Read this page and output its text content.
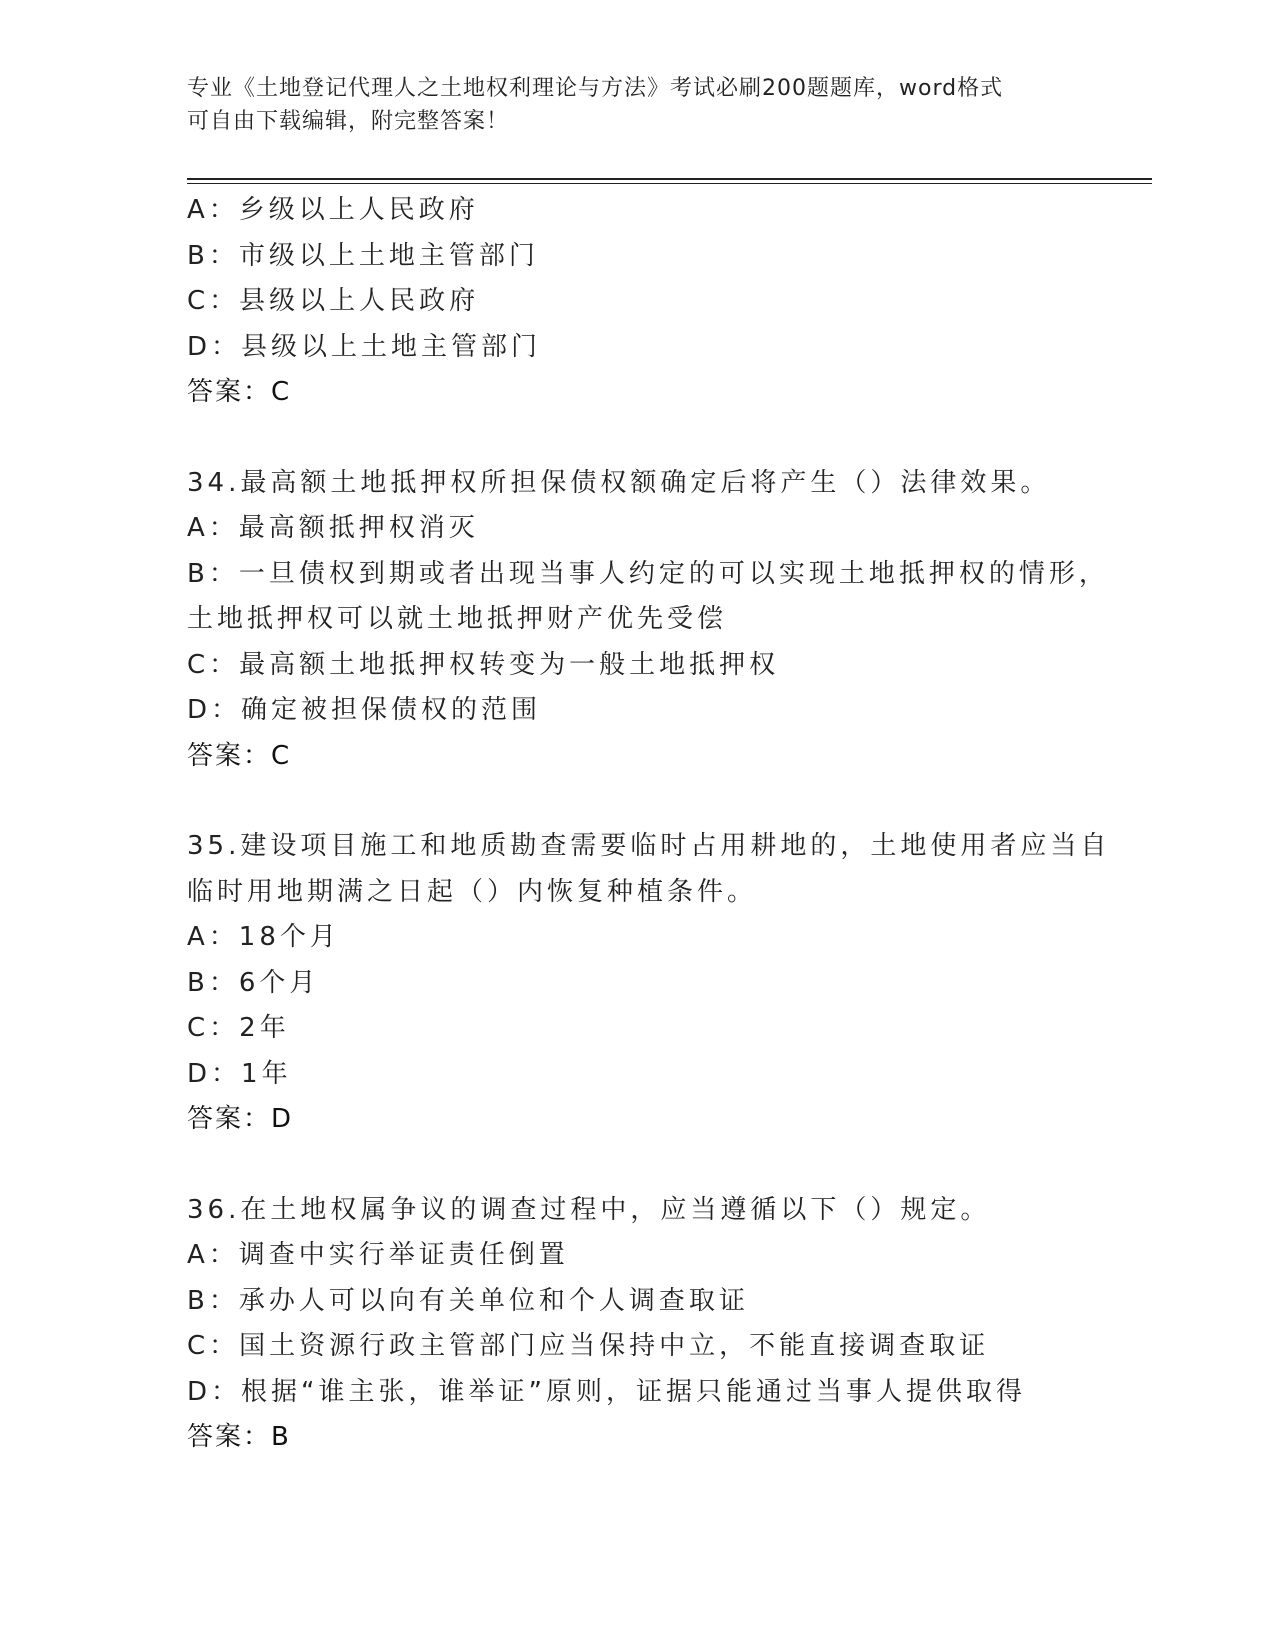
专业《土地登记代理人之土地权利理论与方法》考试必刷200题题库，word格式
可自由下载编辑，附完整答案！
A：乡级以上人民政府
B：市级以上土地主管部门
C：县级以上人民政府
D：县级以上土地主管部门
答案：C
34.最高额土地抵押权所担保债权额确定后将产生（）法律效果。
A：最高额抵押权消灭
B：一旦债权到期或者出现当事人约定的可以实现土地抵押权的情形，
土地抵押权可以就土地抵押财产优先受偿
C：最高额土地抵押权转变为一般土地抵押权
D：确定被担保债权的范围
答案：C
35.建设项目施工和地质勘查需要临时占用耕地的，土地使用者应当自
临时用地期满之日起（）内恢复种植条件。
A：18个月
B：6个月
C：2年
D：1年
答案：D
36.在土地权属争议的调查过程中，应当遵循以下（）规定。
A：调查中实行举证责任倒置
B：承办人可以向有关单位和个人调查取证
C：国土资源行政主管部门应当保持中立，不能直接调查取证
D：根据“谁主张，谁举证”原则，证据只能通过当事人提供取得
答案：B
